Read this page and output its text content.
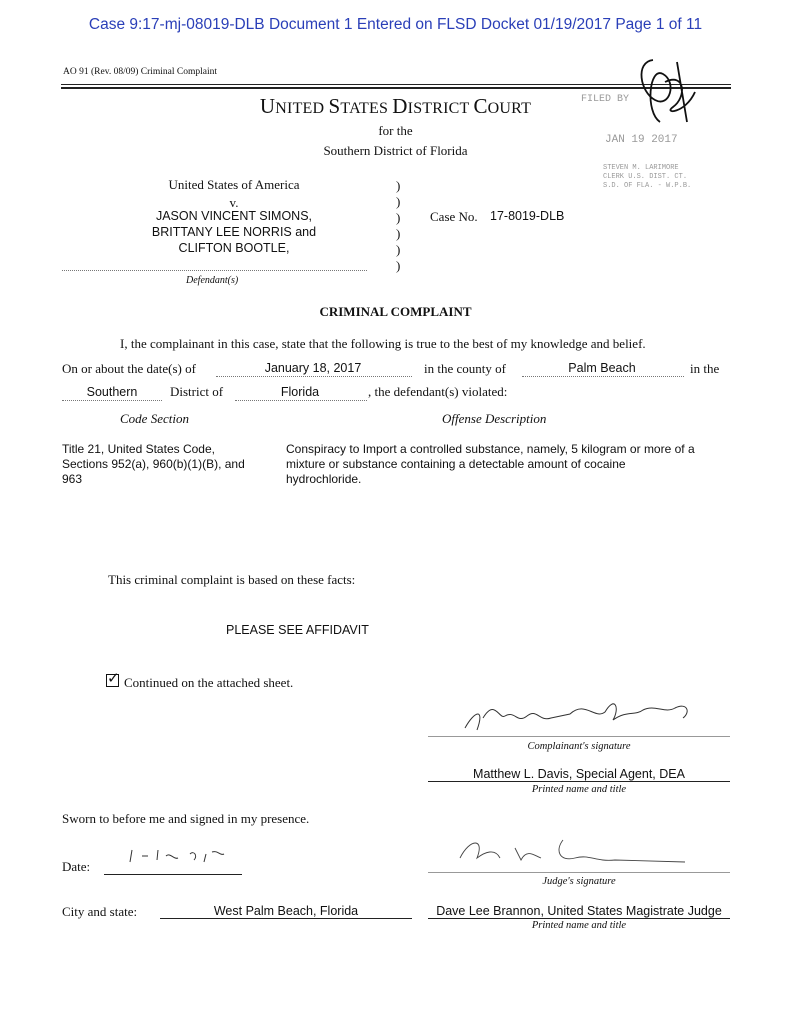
Case 9:17-mj-08019-DLB Document 1 Entered on FLSD Docket 01/19/2017 Page 1 of 11
AO 91 (Rev. 08/09) Criminal Complaint
UNITED STATES DISTRICT COURT
for the
Southern District of Florida
FILED BY
JAN 19 2017
STEVEN M. LARIMORE
CLERK U.S. DIST. CT.
S.D. OF FLA. - W.P.B.
United States of America
v.
JASON VINCENT SIMONS,
BRITTANY LEE NORRIS and
CLIFTON BOOTLE,
)
)
)
)
)
)
Case No. 17-8019-DLB
Defendant(s)
CRIMINAL COMPLAINT
I, the complainant in this case, state that the following is true to the best of my knowledge and belief.
On or about the date(s) of	January 18, 2017	in the county of	Palm Beach	in the
Southern	District of	Florida	, the defendant(s) violated:
Code Section	Offense Description
Title 21, United States Code,
Sections 952(a), 960(b)(1)(B), and
963
Conspiracy to Import a controlled substance, namely, 5 kilogram or more of a
mixture or substance containing a detectable amount of cocaine
hydrochloride.
This criminal complaint is based on these facts:
PLEASE SEE AFFIDAVIT
✓ Continued on the attached sheet.
Complainant's signature
Matthew L. Davis, Special Agent, DEA
Printed name and title
Sworn to before me and signed in my presence.
Date:
Judge's signature
City and state:	West Palm Beach, Florida	Dave Lee Brannon, United States Magistrate Judge
Printed name and title
